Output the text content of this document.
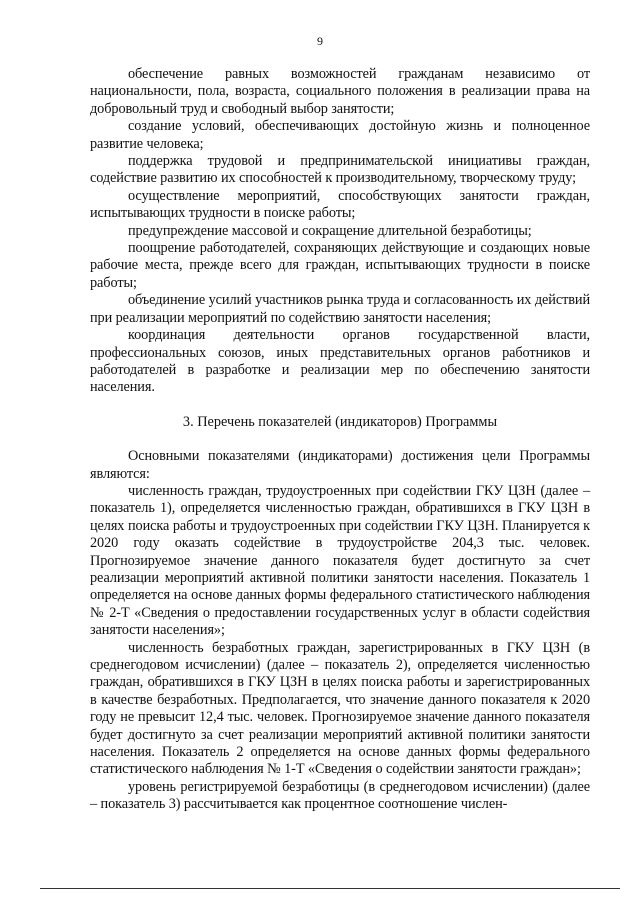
9

обеспечение равных возможностей гражданам независимо от национальности, пола, возраста, социального положения в реализации права на добровольный труд и свободный выбор занятости;

создание условий, обеспечивающих достойную жизнь и полноценное развитие человека;

поддержка трудовой и предпринимательской инициативы граждан, содействие развитию их способностей к производительному, творческому труду;

осуществление мероприятий, способствующих занятости граждан, испытывающих трудности в поиске работы;

предупреждение массовой и сокращение длительной безработицы;

поощрение работодателей, сохраняющих действующие и создающих новые рабочие места, прежде всего для граждан, испытывающих трудности в поиске работы;

объединение усилий участников рынка труда и согласованность их действий при реализации мероприятий по содействию занятости населения;

координация деятельности органов государственной власти, профессиональных союзов, иных представительных органов работников и работодателей в разработке и реализации мер по обеспечению занятости населения.

3. Перечень показателей (индикаторов) Программы

Основными показателями (индикаторами) достижения цели Программы являются:

численность граждан, трудоустроенных при содействии ГКУ ЦЗН (далее – показатель 1), определяется численностью граждан, обратившихся в ГКУ ЦЗН в целях поиска работы и трудоустроенных при содействии ГКУ ЦЗН. Планируется к 2020 году оказать содействие в трудоустройстве 204,3 тыс. человек. Прогнозируемое значение данного показателя будет достигнуто за счет реализации мероприятий активной политики занятости населения. Показатель 1 определяется на основе данных формы федерального статистического наблюдения № 2-Т «Сведения о предоставлении государственных услуг в области содействия занятости населения»;

численность безработных граждан, зарегистрированных в ГКУ ЦЗН (в среднегодовом исчислении) (далее – показатель 2), определяется численностью граждан, обратившихся в ГКУ ЦЗН в целях поиска работы и зарегистрированных в качестве безработных. Предполагается, что значение данного показателя к 2020 году не превысит 12,4 тыс. человек. Прогнозируемое значение данного показателя будет достигнуто за счет реализации мероприятий активной политики занятости населения. Показатель 2 определяется на основе данных формы федерального статистического наблюдения № 1-Т «Сведения о содействии занятости граждан»;

уровень регистрируемой безработицы (в среднегодовом исчислении) (далее – показатель 3) рассчитывается как процентное соотношение числен-
